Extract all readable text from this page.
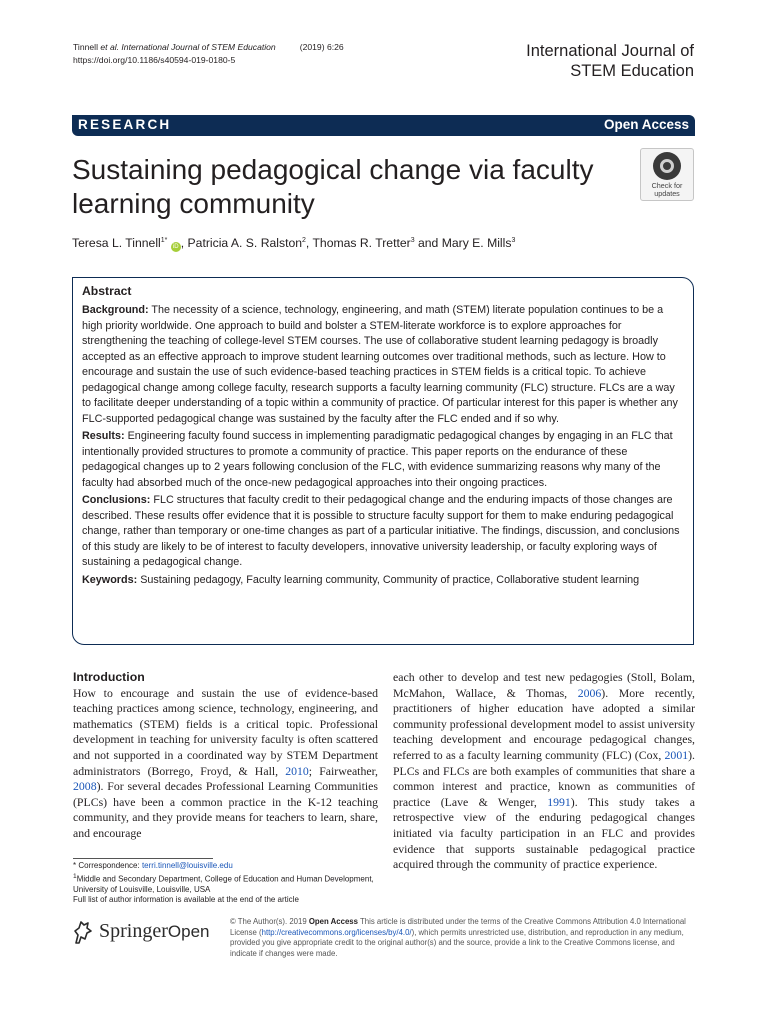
Tinnell et al. International Journal of STEM Education	(2019) 6:26
https://doi.org/10.1186/s40594-019-0180-5	International Journal of
STEM Education
RESEARCH	Open Access
Sustaining pedagogical change via faculty learning community
Check for
updates
Teresa L. Tinnell$^{1*}$ iD , Patricia A. S. Ralston$^2$, Thomas R. Tretter$^3$ and Mary E. Mills$^3$
Abstract

Background: The necessity of a science, technology, engineering, and math (STEM) literate population continues to be a high priority worldwide. One approach to build and bolster a STEM-literate workforce is to explore approaches for strengthening the teaching of college-level STEM courses. The use of collaborative student learning pedagogy is broadly accepted as an effective approach to improve student learning outcomes over traditional methods, such as lecture. How to encourage and sustain the use of such evidence-based teaching practices in STEM fields is a critical topic. To achieve pedagogical change among college faculty, research supports a faculty learning community (FLC) structure. FLCs are a way to facilitate deeper understanding of a topic within a community of practice. Of particular interest for this paper is whether any FLC-supported pedagogical change was sustained by the faculty after the FLC ended and if so why.

Results: Engineering faculty found success in implementing paradigmatic pedagogical changes by engaging in an FLC that intentionally provided structures to promote a community of practice. This paper reports on the endurance of these pedagogical changes up to 2 years following conclusion of the FLC, with evidence summarizing reasons why many of the faculty had absorbed much of the once-new pedagogical approaches into their ongoing practices.

Conclusions: FLC structures that faculty credit to their pedagogical change and the enduring impacts of those changes are described. These results offer evidence that it is possible to structure faculty support for them to make enduring pedagogical change, rather than temporary or one-time changes as part of a particular initiative. The findings, discussion, and conclusions of this study are likely to be of interest to faculty developers, innovative university leadership, or faculty exploring ways of sustaining a pedagogical change.

Keywords: Sustaining pedagogy, Faculty learning community, Community of practice, Collaborative student learning

Introduction
How to encourage and sustain the use of evidence-based teaching practices among science, technology, engineering, and mathematics (STEM) fields is a critical topic. Professional development in teaching for university faculty is often scattered and not supported in a coordinated way by STEM Department administrators (Borrego, Froyd, & Hall, 2010; Fairweather, 2008). For several decades Professional Learning Communities (PLCs) have been a common practice in the K-12 teaching community, and they provide means for teachers to learn, share, and encourage
each other to develop and test new pedagogies (Stoll, Bolam, McMahon, Wallace, & Thomas, 2006). More recently, practitioners of higher education have adopted a similar community professional development model to assist university teaching development and encourage pedagogical changes, referred to as a faculty learning community (FLC) (Cox, 2001). PLCs and FLCs are both examples of communities that share a common interest and practice, known as communities of practice (Lave & Wenger, 1991). This study takes a retrospective view of the enduring pedagogical changes initiated via faculty participation in an FLC and provides evidence that supports sustainable pedagogical practice acquired through the community of practice experience.
* Correspondence: terri.tinnell@louisville.edu
$^1$Middle and Secondary Department, College of Education and Human Development, University of Louisville, Louisville, USA
Full list of author information is available at the end of the article
SpringerOpen
© The Author(s). 2019 Open Access This article is distributed under the terms of the Creative Commons Attribution 4.0 International License (http://creativecommons.org/licenses/by/4.0/), which permits unrestricted use, distribution, and reproduction in any medium, provided you give appropriate credit to the original author(s) and the source, provide a link to the Creative Commons license, and indicate if changes were made.
